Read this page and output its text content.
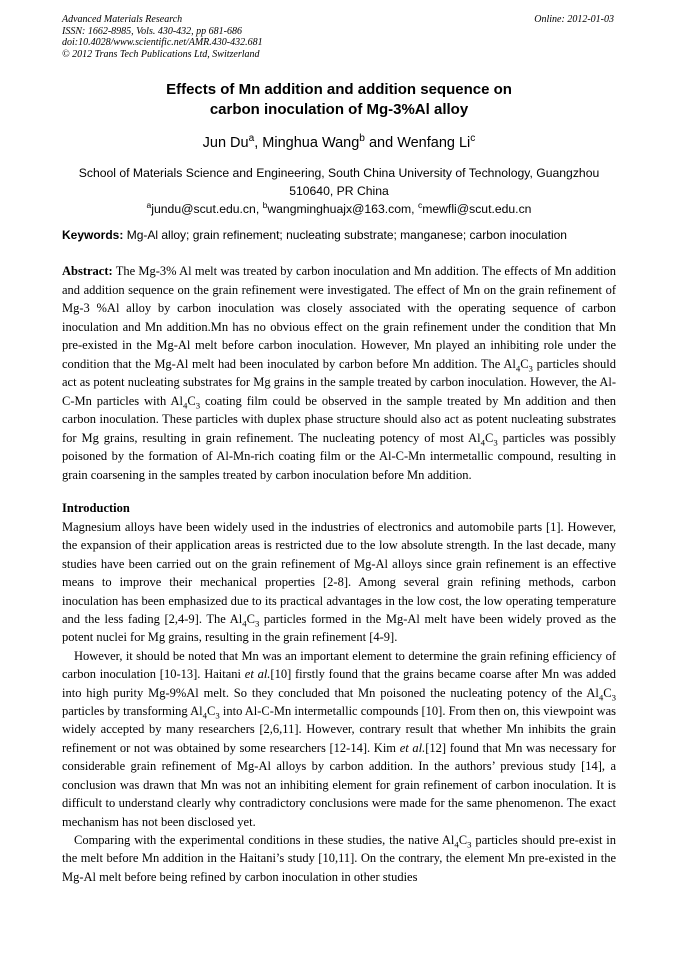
Advanced Materials Research
ISSN: 1662-8985, Vols. 430-432, pp 681-686
doi:10.4028/www.scientific.net/AMR.430-432.681
© 2012 Trans Tech Publications Ltd, Switzerland
Online: 2012-01-03
Effects of Mn addition and addition sequence on
carbon inoculation of Mg-3%Al alloy
Jun Du$^a$, Minghua Wang$^b$ and Wenfang Li$^c$
School of Materials Science and Engineering, South China University of Technology, Guangzhou
510640, PR China
$^a$jundu@scut.edu.cn, $^b$wangminghuajx@163.com, $^c$mewfli@scut.edu.cn
Keywords: Mg-Al alloy; grain refinement; nucleating substrate; manganese; carbon inoculation
Abstract: The Mg-3% Al melt was treated by carbon inoculation and Mn addition. The effects of Mn addition and addition sequence on the grain refinement were investigated. The effect of Mn on the grain refinement of Mg-3 %Al alloy by carbon inoculation was closely associated with the operating sequence of carbon inoculation and Mn addition.Mn has no obvious effect on the grain refinement under the condition that Mn pre-existed in the Mg-Al melt before carbon inoculation. However, Mn played an inhibiting role under the condition that the Mg-Al melt had been inoculated by carbon before Mn addition. The $Al_4C_3$ particles should act as potent nucleating substrates for Mg grains in the sample treated by carbon inoculation. However, the Al-C-Mn particles with $Al_4C_3$ coating film could be observed in the sample treated by Mn addition and then carbon inoculation. These particles with duplex phase structure should also act as potent nucleating substrates for Mg grains, resulting in grain refinement. The nucleating potency of most $Al_4C_3$ particles was possibly poisoned by the formation of Al-Mn-rich coating film or the Al-C-Mn intermetallic compound, resulting in grain coarsening in the samples treated by carbon inoculation before Mn addition.
Introduction

Magnesium alloys have been widely used in the industries of electronics and automobile parts [1]. However, the expansion of their application areas is restricted due to the low absolute strength. In the last decade, many studies have been carried out on the grain refinement of Mg-Al alloys since grain refinement is an effective means to improve their mechanical properties [2-8]. Among several grain refining methods, carbon inoculation has been emphasized due to its practical advantages in the low cost, the low operating temperature and the less fading [2,4-9]. The $Al_4C_3$ particles formed in the Mg-Al melt have been widely proved as the potent nuclei for Mg grains, resulting in the grain refinement [4-9].

However, it should be noted that Mn was an important element to determine the grain refining efficiency of carbon inoculation [10-13]. Haitani et al.[10] firstly found that the grains became coarse after Mn was added into high purity Mg-9%Al melt. So they concluded that Mn poisoned the nucleating potency of the $Al_4C_3$ particles by transforming $Al_4C_3$ into Al-C-Mn intermetallic compounds [10]. From then on, this viewpoint was widely accepted by many researchers [2,6,11]. However, contrary result that whether Mn inhibits the grain refinement or not was obtained by some researchers [12-14]. Kim et al.[12] found that Mn was necessary for considerable grain refinement of Mg-Al alloys by carbon addition. In the authors’ previous study [14], a conclusion was drawn that Mn was not an inhibiting element for grain refinement of carbon inoculation. It is difficult to understand clearly why contradictory conclusions were made for the same phenomenon. The exact mechanism has not been disclosed yet.

Comparing with the experimental conditions in these studies, the native $Al_4C_3$ particles should pre-exist in the melt before Mn addition in the Haitani’s study [10,11]. On the contrary, the element Mn pre-existed in the Mg-Al melt before being refined by carbon inoculation in other studies
